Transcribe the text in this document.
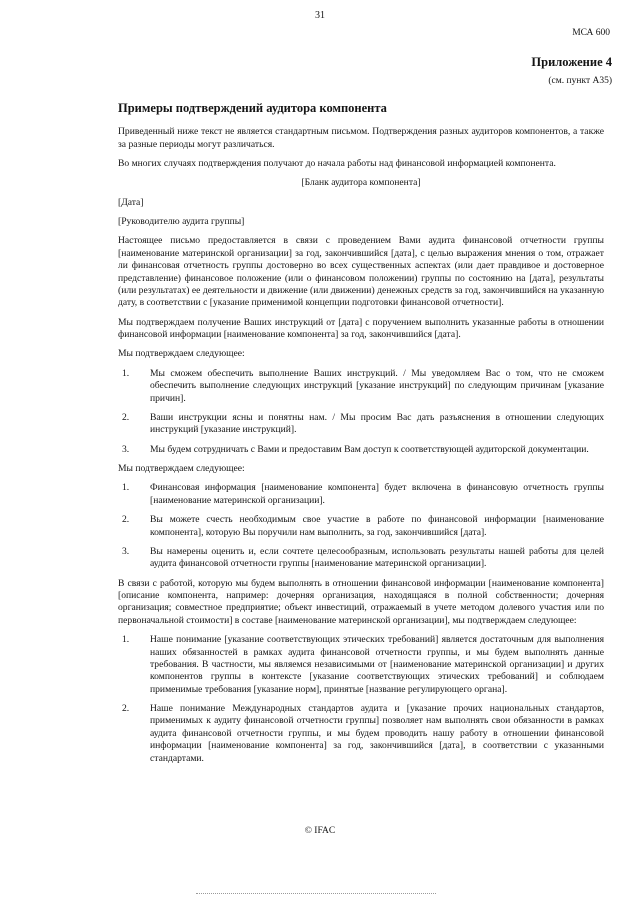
31
МСА 600
Приложение 4
(см. пункт А35)

Примеры подтверждений аудитора компонента

Приведенный ниже текст не является стандартным письмом. Подтверждения разных аудиторов компонентов, а также за разные периоды могут различаться.

Во многих случаях подтверждения получают до начала работы над финансовой информацией компонента.

[Бланк аудитора компонента]

[Дата]

[Руководителю аудита группы]

Настоящее письмо предоставляется в связи с проведением Вами аудита финансовой отчетности группы [наименование материнской организации] за год, закончившийся [дата], с целью выражения мнения о том, отражает ли финансовая отчетность группы достоверно во всех существенных аспектах (или дает правдивое и достоверное представление) финансовое положение (или о финансовом положении) группы по состоянию на [дата], результаты (или результатах) ее деятельности и движение (или движении) денежных средств за год, закончившийся на указанную дату, в соответствии с [указание применимой концепции подготовки финансовой отчетности].

Мы подтверждаем получение Ваших инструкций от [дата] с поручением выполнить указанные работы в отношении финансовой информации [наименование компонента] за год, закончившийся [дата].

Мы подтверждаем следующее:

1. Мы сможем обеспечить выполнение Ваших инструкций. / Мы уведомляем Вас о том, что не сможем обеспечить выполнение следующих инструкций [указание инструкций] по следующим причинам [указание причин].
2. Ваши инструкции ясны и понятны нам. / Мы просим Вас дать разъяснения в отношении следующих инструкций [указание инструкций].
3. Мы будем сотрудничать с Вами и предоставим Вам доступ к соответствующей аудиторской документации.

Мы подтверждаем следующее:

1. Финансовая информация [наименование компонента] будет включена в финансовую отчетность группы [наименование материнской организации].
2. Вы можете счесть необходимым свое участие в работе по финансовой информации [наименование компонента], которую Вы поручили нам выполнить, за год, закончившийся [дата].
3. Вы намерены оценить и, если сочтете целесообразным, использовать результаты нашей работы для целей аудита финансовой отчетности группы [наименование материнской организации].

В связи с работой, которую мы будем выполнять в отношении финансовой информации [наименование компонента] [описание компонента, например: дочерняя организация, находящаяся в полной собственности; дочерняя организация; совместное предприятие; объект инвестиций, отражаемый в учете методом долевого участия или по первоначальной стоимости] в составе [наименование материнской организации], мы подтверждаем следующее:

1. Наше понимание [указание соответствующих этических требований] является достаточным для выполнения наших обязанностей в рамках аудита финансовой отчетности группы, и мы будем выполнять данные требования. В частности, мы являемся независимыми от [наименование материнской организации] и других компонентов группы в контексте [указание соответствующих этических требований] и соблюдаем применимые требования [указание норм], принятые [название регулирующего органа].
2. Наше понимание Международных стандартов аудита и [указание прочих национальных стандартов, применимых к аудиту финансовой отчетности группы] позволяет нам выполнять свои обязанности в рамках аудита финансовой отчетности группы, и мы будем проводить нашу работу в отношении финансовой информации [наименование компонента] за год, закончившийся [дата], в соответствии с указанными стандартами.
© IFAC
